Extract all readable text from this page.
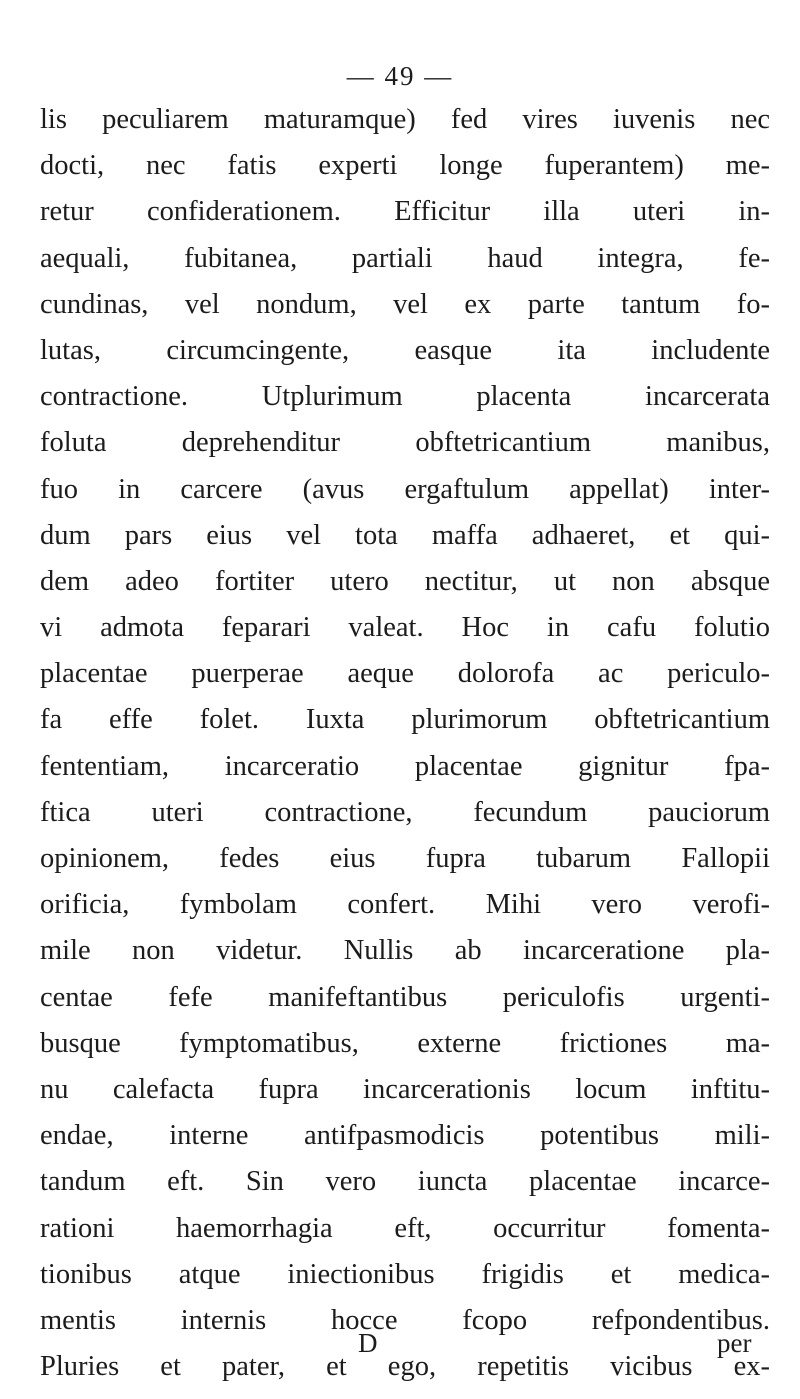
— 49 —
lis peculiarem maturamque) fed vires iuvenis nec
docti, nec fatis experti longe fuperantem) me-
retur confiderationem. Efficitur illa uteri in-
aequali, fubitanea, partiali haud integra, fe-
cundinas, vel nondum, vel ex parte tantum fo-
lutas, circumcingente, easque ita includente
contractione. Utplurimum placenta incarcerata
foluta deprehenditur obftetricantium manibus,
fuo in carcere (avus ergaftulum appellat) inter-
dum pars eius vel tota maffa adhaeret, et qui-
dem adeo fortiter utero nectitur, ut non absque
vi admota feparari valeat. Hoc in cafu folutio
placentae puerperae aeque dolorofa ac periculo-
fa effe folet. Iuxta plurimorum obftetricantium
fententiam, incarceratio placentae gignitur fpa-
ftica uteri contractione, fecundum pauciorum
opinionem, fedes eius fupra tubarum Fallopii
orificia, fymbolam confert. Mihi vero verofi-
mile non videtur. Nullis ab incarceratione pla-
centae fefe manifeftantibus periculofis urgenti-
busque fymptomatibus, externe frictiones ma-
nu calefacta fupra incarcerationis locum inftitu-
endae, interne antifpasmodicis potentibus mili-
tandum eft. Sin vero iuncta placentae incarce-
rationi haemorrhagia eft, occurritur fomenta-
tionibus atque iniectionibus frigidis et medica-
mentis internis hocce fcopo refpondentibus.
Pluries et pater, et ego, repetitis vicibus ex-
D	per
